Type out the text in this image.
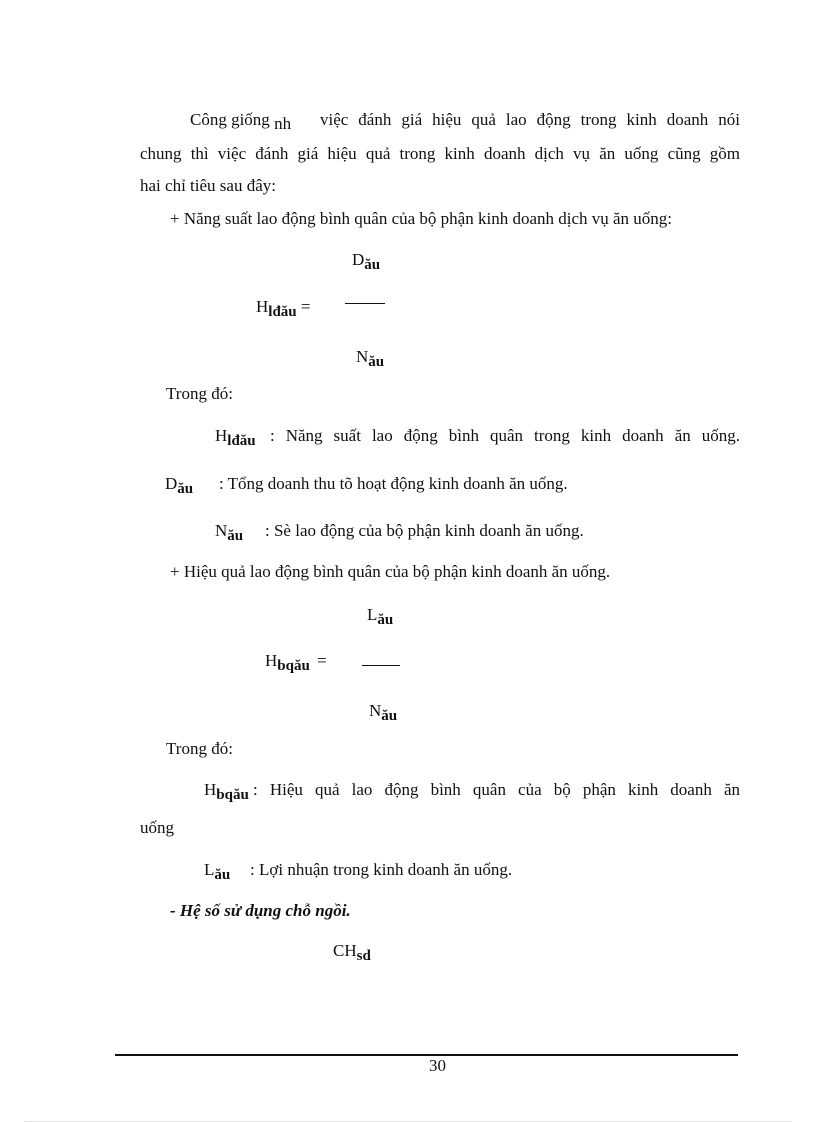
Công giống nh việc đánh giá hiệu quả lao động trong kinh doanh nói
chung thì việc đánh giá hiệu quả trong kinh doanh dịch vụ ăn uống cũng gồm
hai chỉ tiêu sau đây:
+ Năng suất lao động bình quân của bộ phận kinh doanh dịch vụ ăn uống:
Dău
Hlđău =
Nău
Trong đó:
Hlđău : Năng suất lao động bình quân trong kinh doanh ăn uống.
Dău : Tổng doanh thu tõ hoạt động kinh doanh ăn uống.
Nău : Sè lao động của bộ phận kinh doanh ăn uống.
+ Hiệu quả lao động bình quân của bộ phận kinh doanh ăn uống.
Lău
Hbqău =
Nău
Trong đó:
Hbqău : Hiệu quả lao động bình quân của bộ phận kinh doanh ăn
uống
Lău : Lợi nhuận trong kinh doanh ăn uống.
- Hệ số sử dụng chỗ ngồi.
CHsd
30
